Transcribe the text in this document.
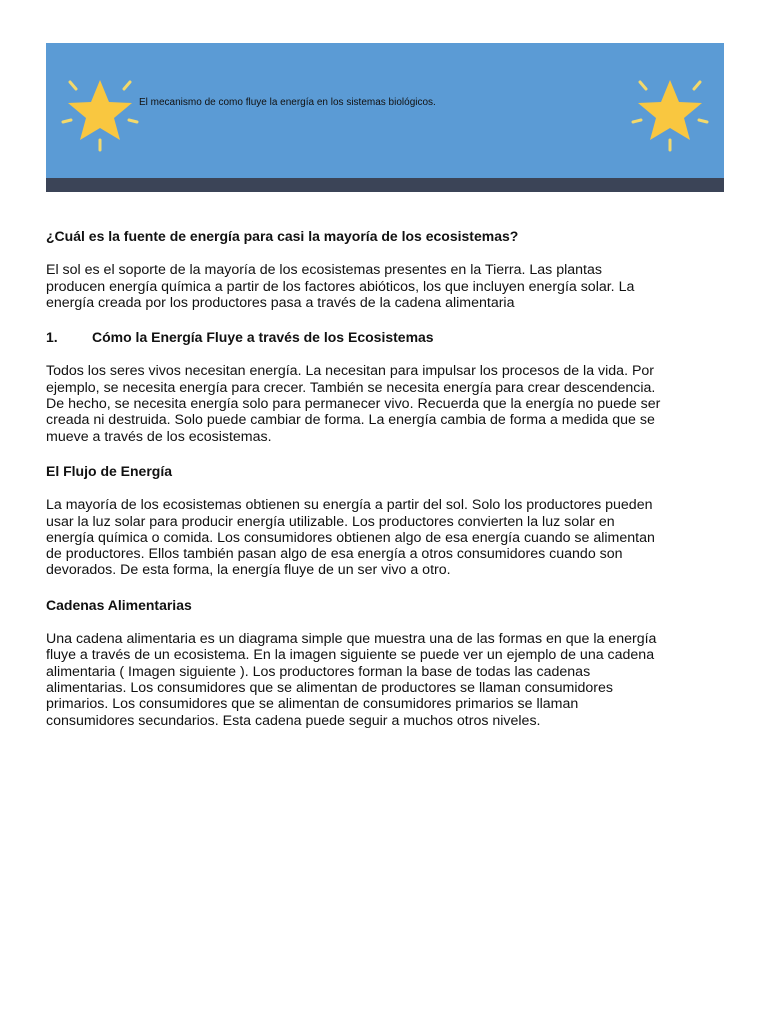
El mecanismo de como fluye la energía en los sistemas biológicos.

¿Cuál es la fuente de energía para casi la mayoría de los ecosistemas?

El sol es el soporte de la mayoría de los ecosistemas presentes en la Tierra. Las plantas

producen energía química a partir de los factores abióticos, los que incluyen energía solar. La

energía creada por los productores pasa a través de la cadena alimentaria

1.	Cómo la Energía Fluye a través de los Ecosistemas

Todos los seres vivos necesitan energía. La necesitan para impulsar los procesos de la vida. Por

ejemplo, se necesita energía para crecer. También se necesita energía para crear descendencia.

De hecho, se necesita energía solo para permanecer vivo. Recuerda que la energía no puede ser

creada ni destruida. Solo puede cambiar de forma. La energía cambia de forma a medida que se

mueve a través de los ecosistemas.

El Flujo de Energía

La mayoría de los ecosistemas obtienen su energía a partir del sol. Solo los productores pueden

usar la luz solar para producir energía utilizable. Los productores convierten la luz solar en

energía química o comida. Los consumidores obtienen algo de esa energía cuando se alimentan

de productores. Ellos también pasan algo de esa energía a otros consumidores cuando son

devorados. De esta forma, la energía fluye de un ser vivo a otro.

Cadenas Alimentarias

Una cadena alimentaria es un diagrama simple que muestra una de las formas en que la energía

fluye a través de un ecosistema. En la imagen siguiente se puede ver un ejemplo de una cadena

alimentaria ( Imagen siguiente ). Los productores forman la base de todas las cadenas

alimentarias. Los consumidores que se alimentan de productores se llaman consumidores

primarios. Los consumidores que se alimentan de consumidores primarios se llaman

consumidores secundarios. Esta cadena puede seguir a muchos otros niveles.
